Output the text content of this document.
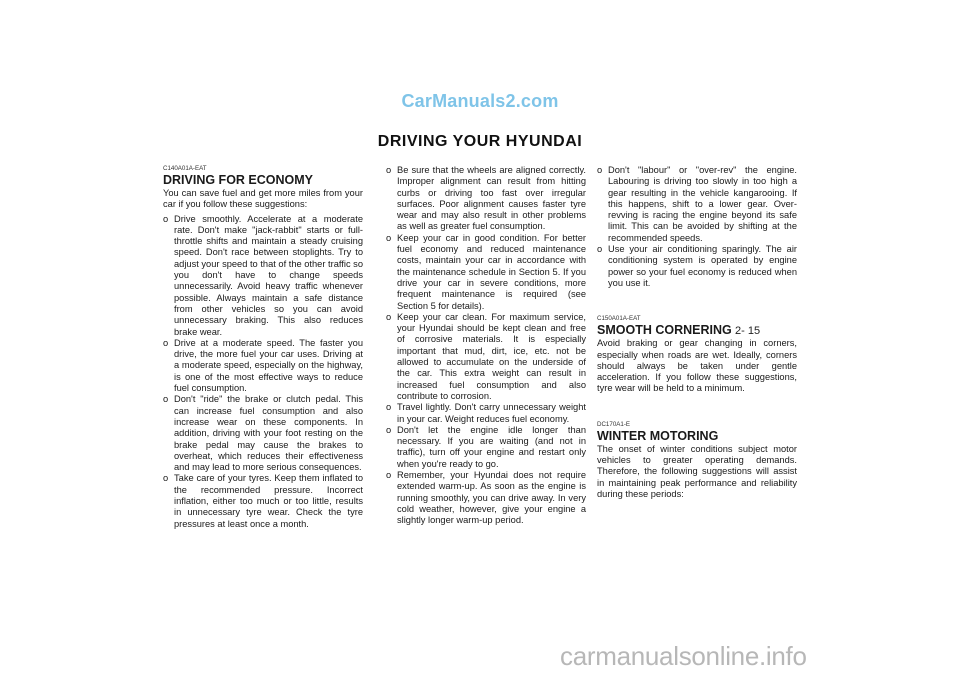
CarManuals2.com
DRIVING YOUR HYUNDAI

C140A01A-EAT

DRIVING FOR ECONOMY

You can save fuel and get more miles from your car if you follow these suggestions:

o Drive smoothly. Accelerate at a moderate rate. Don't make "jack-rabbit" starts or full-throttle shifts and maintain a steady cruising speed. Don't race between stoplights. Try to adjust your speed to that of the other traffic so you don't have to change speeds unnecessarily. Avoid heavy traffic whenever possible. Always maintain a safe distance from other vehicles so you can avoid unnecessary braking. This also reduces brake wear.
o Drive at a moderate speed. The faster you drive, the more fuel your car uses. Driving at a moderate speed, especially on the highway, is one of the most effective ways to reduce fuel consumption.
o Don't "ride" the brake or clutch pedal. This can increase fuel consumption and also increase wear on these components. In addition, driving with your foot resting on the brake pedal may cause the brakes to overheat, which reduces their effectiveness and may lead to more serious consequences.
o Take care of your tyres. Keep them inflated to the recommended pressure. Incorrect inflation, either too much or too little, results in unnecessary tyre wear. Check the tyre pressures at least once a month.
o Be sure that the wheels are aligned correctly. Improper alignment can result from hitting curbs or driving too fast over irregular surfaces. Poor alignment causes faster tyre wear and may also result in other problems as well as greater fuel consumption.
o Keep your car in good condition. For better fuel economy and reduced maintenance costs, maintain your car in accordance with the maintenance schedule in Section 5. If you drive your car in severe conditions, more frequent maintenance is required (see Section 5 for details).
o Keep your car clean. For maximum service, your Hyundai should be kept clean and free of corrosive materials. It is especially important that mud, dirt, ice, etc. not be allowed to accumulate on the underside of the car. This extra weight can result in increased fuel consumption and also contribute to corrosion.
o Travel lightly. Don't carry unnecessary weight in your car. Weight reduces fuel economy.
o Don't let the engine idle longer than necessary. If you are waiting (and not in traffic), turn off your engine and restart only when you're ready to go.
o Remember, your Hyundai does not require extended warm-up. As soon as the engine is running smoothly, you can drive away. In very cold weather, however, give your engine a slightly longer warm-up period.
o Don't "labour" or "over-rev" the engine. Labouring is driving too slowly in too high a gear resulting in the vehicle kangarooing. If this happens, shift to a lower gear. Over-revving is racing the engine beyond its safe limit. This can be avoided by shifting at the recommended speeds.
o Use your air conditioning sparingly. The air conditioning system is operated by engine power so your fuel economy is reduced when you use it.

C150A01A-EAT

SMOOTH CORNERING

Avoid braking or gear changing in corners, especially when roads are wet. Ideally, corners should always be taken under gentle acceleration. If you follow these suggestions, tyre wear will be held to a minimum.

DC170A1-E

WINTER MOTORING

The onset of winter conditions subject motor vehicles to greater operating demands. Therefore, the following suggestions will assist in maintaining peak performance and reliability during these periods:

2- 15
carmanualsonline.info
